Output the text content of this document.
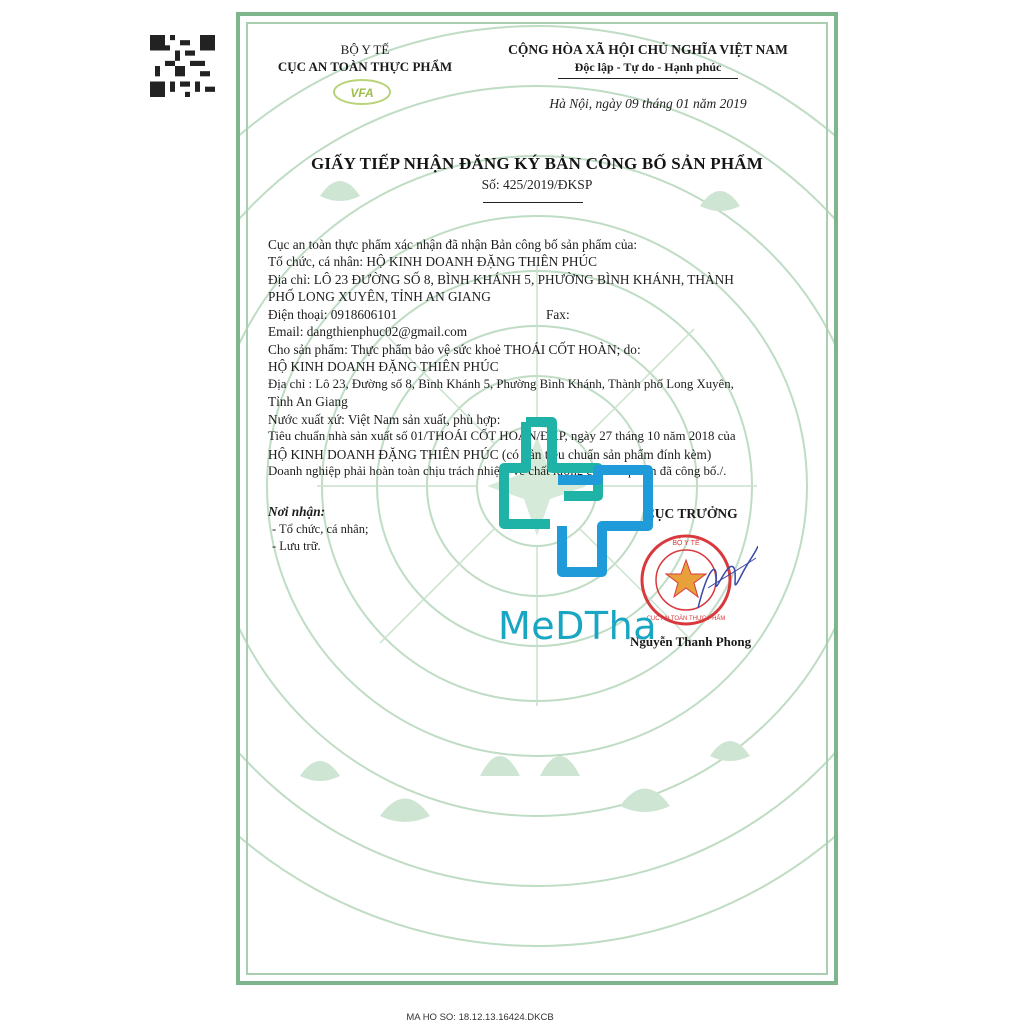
BỘ Y TẾ
CỤC AN TOÀN THỰC PHẨM
VFA
CỘNG HÒA XÃ HỘI CHỦ NGHĨA VIỆT NAM
Độc lập - Tự do - Hạnh phúc
Hà Nội, ngày 09 tháng 01 năm 2019
GIẤY TIẾP NHẬN ĐĂNG KÝ BẢN CÔNG BỐ SẢN PHẨM
Số: 425/2019/ĐKSP
Cục an toàn thực phẩm xác nhận đã nhận Bản công bố sản phẩm của:
Tổ chức, cá nhân: HỘ KINH DOANH ĐẶNG THIÊN PHÚC
Địa chỉ: LÔ 23 ĐƯỜNG SỐ 8, BÌNH KHÁNH 5, PHƯỜNG BÌNH KHÁNH, THÀNH
PHỐ LONG XUYÊN, TỈNH AN GIANG
Điện thoại: 0918606101	Fax:
Email: dangthienphuc02@gmail.com
Cho sản phẩm: Thực phẩm bảo vệ sức khoẻ THOÁI CỐT HOÀN; do:
HỘ KINH DOANH ĐẶNG THIÊN PHÚC
Địa chỉ : Lô 23, Đường số 8, Bình Khánh 5, Phường Bình Khánh, Thành phố Long Xuyên,
Tỉnh An Giang
Nước xuất xứ: Việt Nam sản xuất, phù hợp:
Tiêu chuẩn nhà sản xuất số 01/THOÁI CỐT HOÀN/ĐKP, ngày 27 tháng 10 năm 2018 của
HỘ KINH DOANH ĐẶNG THIÊN PHÚC (có bản tiêu chuẩn sản phẩm đính kèm)
Doanh nghiệp phải hoàn toàn chịu trách nhiệm về chất lượng của sản phẩm đã công bố./.
Nơi nhận:
- Tổ chức, cá nhân;
- Lưu trữ.
CỤC TRƯỞNG
BỘ Y TẾ
CỤC AN TOÀN THỰC PHẨM
Nguyễn Thanh Phong
MeDTha
MA HO SO: 18.12.13.16424.DKCB
